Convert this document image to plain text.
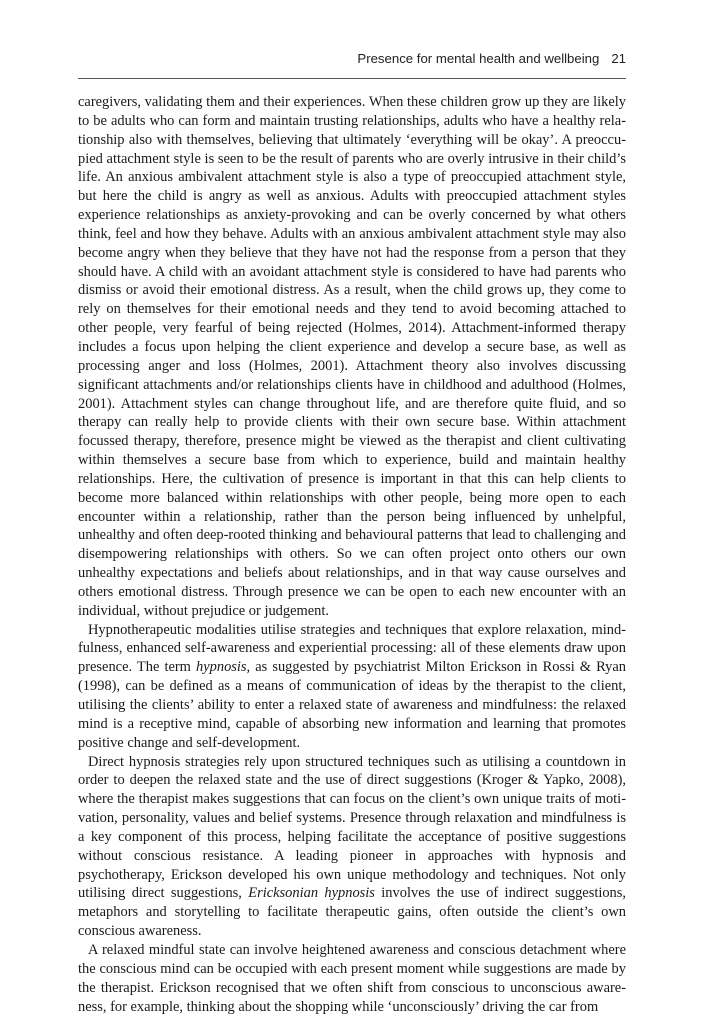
Presence for mental health and wellbeing 21

caregivers, validating them and their experiences. When these children grow up they are likely to be adults who can form and maintain trusting relationships, adults who have a healthy relationship also with themselves, believing that ultimately ‘everything will be okay’. A preoccupied attachment style is seen to be the result of parents who are overly intrusive in their child’s life. An anxious ambivalent attachment style is also a type of preoccupied attachment style, but here the child is angry as well as anxious. Adults with preoccupied attachment styles experience relationships as anxiety-provoking and can be overly concerned by what others think, feel and how they behave. Adults with an anxious ambivalent attachment style may also become angry when they believe that they have not had the response from a person that they should have. A child with an avoidant attachment style is considered to have had parents who dismiss or avoid their emotional distress. As a result, when the child grows up, they come to rely on themselves for their emotional needs and they tend to avoid becoming attached to other people, very fearful of being rejected (Holmes, 2014). Attachment-informed therapy includes a focus upon helping the client experience and develop a secure base, as well as processing anger and loss (Holmes, 2001). Attachment theory also involves discussing significant attachments and/​or relationships clients have in childhood and adulthood (Holmes, 2001). Attachment styles can change throughout life, and are therefore quite fluid, and so therapy can really help to provide clients with their own secure base. Within attachment focussed therapy, therefore, presence might be viewed as the therapist and client cultivating within themselves a secure base from which to experience, build and maintain healthy relationships. Here, the cultivation of presence is important in that this can help clients to become more balanced within relationships with other people, being more open to each encounter within a relationship, rather than the person being influenced by unhelpful, unhealthy and often deep-rooted thinking and behavioural patterns that lead to challenging and disempowering relationships with others. So we can often project onto others our own unhealthy expectations and beliefs about relationships, and in that way cause ourselves and others emotional distress. Through presence we can be open to each new encounter with an individual, without prejudice or judgement.

Hypnotherapeutic modalities utilise strategies and techniques that explore relaxation, mindfulness, enhanced self-awareness and experiential processing: all of these elements draw upon presence. The term hypnosis, as suggested by psychiatrist Milton Erickson in Rossi & Ryan (1998), can be defined as a means of communication of ideas by the therapist to the client, utilising the clients’ ability to enter a relaxed state of awareness and mindfulness: the relaxed mind is a receptive mind, capable of absorbing new information and learning that promotes positive change and self-development.

Direct hypnosis strategies rely upon structured techniques such as utilising a countdown in order to deepen the relaxed state and the use of direct suggestions (Kroger & Yapko, 2008), where the therapist makes suggestions that can focus on the client’s own unique traits of motivation, personality, values and belief systems. Presence through relaxation and mindfulness is a key component of this process, helping facilitate the acceptance of positive suggestions without conscious resistance. A leading pioneer in approaches with hypnosis and psychotherapy, Erickson developed his own unique methodology and techniques. Not only utilising direct suggestions, Ericksonian hypnosis involves the use of indirect suggestions, metaphors and storytelling to facilitate therapeutic gains, often outside the client’s own conscious awareness.

A relaxed mindful state can involve heightened awareness and conscious detachment where the conscious mind can be occupied with each present moment while suggestions are made by the therapist. Erickson recognised that we often shift from conscious to unconscious awareness, for example, thinking about the shopping while ‘unconsciously’ driving the car from
